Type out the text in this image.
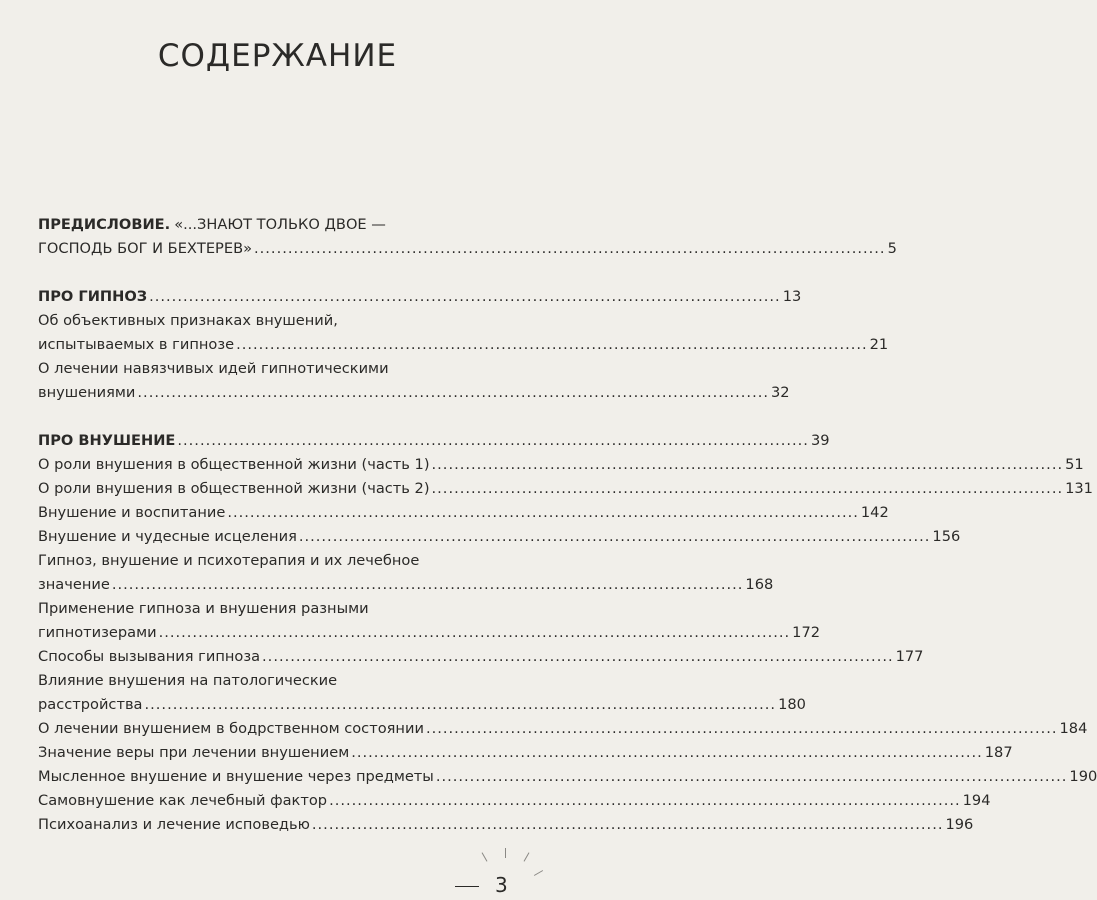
СОДЕРЖАНИЕ
ПРЕДИСЛОВИЕ. «...ЗНАЮТ ТОЛЬКО ДВОЕ —
ГОСПОДЬ БОГ И БЕХТЕРЕВ» ................................................................................................................ 5
ПРО ГИПНОЗ ................................................................................................................ 13
Об объективных признаках внушений,
испытываемых в гипнозе ................................................................................................................ 21
О лечении навязчивых идей гипнотическими
внушениями ................................................................................................................ 32
ПРО ВНУШЕНИЕ ................................................................................................................ 39
О роли внушения в общественной жизни (часть 1) ................................................................................................................ 51
О роли внушения в общественной жизни (часть 2) ................................................................................................................ 131
Внушение и воспитание ................................................................................................................ 142
Внушение и чудесные исцеления ................................................................................................................ 156
Гипноз, внушение и психотерапия и их лечебное
значение ................................................................................................................ 168
Применение гипноза и внушения разными
гипнотизерами ................................................................................................................ 172
Способы вызывания гипноза ................................................................................................................ 177
Влияние внушения на патологические
расстройства ................................................................................................................ 180
О лечении внушением в бодрственном состоянии ................................................................................................................ 184
Значение веры при лечении внушением ................................................................................................................ 187
Мысленное внушение и внушение через предметы ................................................................................................................ 190
Самовнушение как лечебный фактор ................................................................................................................ 194
Психоанализ и лечение исповедью ................................................................................................................ 196
3
